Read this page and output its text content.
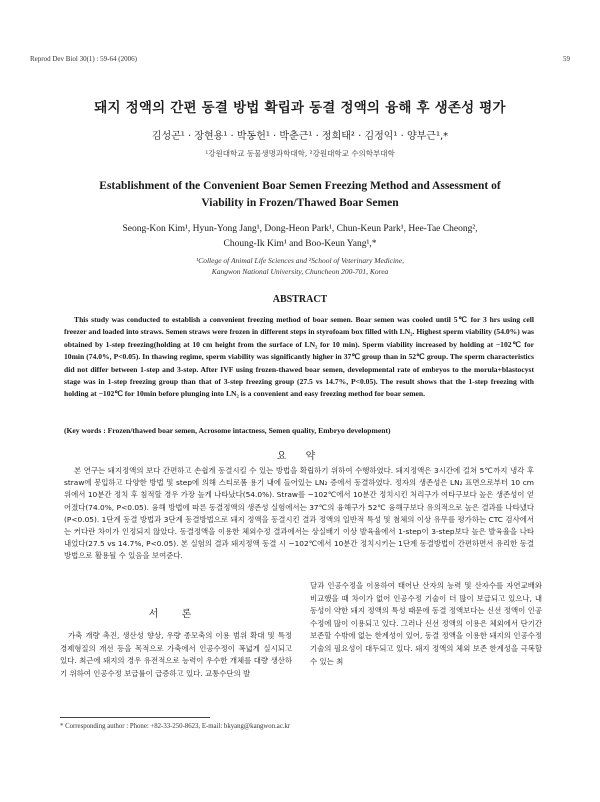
Reprod Dev Biol 30(1) : 59-64 (2006)	59
돼지 정액의 간편 동결 방법 확립과 동결 정액의 융해 후 생존성 평가
김성곤¹ · 장현용¹ · 박동헌¹ · 박춘근¹ · 정희태² · 김정익¹ · 양부근¹,*
¹강원대학교 동물생명과학대학, ²강원대학교 수의학부대학
Establishment of the Convenient Boar Semen Freezing Method and Assessment of
Viability in Frozen/Thawed Boar Semen
Seong-Kon Kim¹, Hyun-Yong Jang¹, Dong-Heon Park¹, Chun-Keun Park¹, Hee-Tae Cheong²,
Choung-Ik Kim¹ and Boo-Keun Yang¹,*
¹College of Animal Life Sciences and ²School of Veterinary Medicine,
Kangwon National University, Chuncheon 200-701, Korea
ABSTRACT
This study was conducted to establish a convenient freezing method of boar semen. Boar semen was cooled until 5℃ for 3 hrs using cell freezer and loaded into straws. Semen straws were frozen in different steps in styrofoam box filled with LN₂. Highest sperm viability (54.0%) was obtained by 1-step freezing(holding at 10 cm height from the surface of LN₂ for 10 min). Sperm viability increased by holding at −102℃ for 10min (74.0%, P<0.05). In thawing regime, sperm viability was significantly higher in 37℃ group than in 52℃ group. The sperm characteristics did not differ between 1-step and 3-step. After IVF using frozen-thawed boar semen, developmental rate of embryos to the morula+blastocyst stage was in 1-step freezing group than that of 3-step freezing group (27.5 vs 14.7%, P<0.05). The result shows that the 1-step freezing with holding at −102℃ for 10min before plunging into LN₂ is a convenient and easy freezing method for boar semen.
(Key words : Frozen/thawed boar semen, Acrosome intactness, Semen quality, Embryo development)
요 약
본 연구는 돼지정액의 보다 간편하고 손쉽게 동결시킬 수 있는 방법을 확립하기 위하여 수행하였다. 돼지정액은 3시간에 걸쳐 5℃까지 냉각 후 straw에 봉입하고 다양한 방법 및 step에 의해 스티로폼 용기 내에 들어있는 LN₂ 증에서 동결하였다. 정자의 생존성은 LN₂ 표면으로부터 10 cm 위에서 10분간 정치 후 침적할 경우 가장 높게 나타났다(54.0%). Straw를 −102℃에서 10분간 정치시킨 처리구가 여타구보다 높은 생존성이 얻어졌다(74.0%, P<0.05). 융해 방법에 따른 동결정액의 생존성 실험에서는 37℃의 융해구가 52℃ 융해구보다 유의적으로 높은 결과를 나타냈다(P<0.05). 1단계 동결 방법과 3단계 동결방법으로 돼지 정액을 동결시킨 결과 정액의 일반적 특성 및 첨체의 이상 유무를 평가하는 CTC 검사에서는 커다란 차이가 인정되지 않았다. 동결정액을 이용한 체외수정 결과에서는 상실배기 이상 발육율에서 1-step이 3-step보다 높은 발육율을 나타내었다(27.5 vs 14.7%, P<0.05). 본 실험의 결과 돼지정액 동결 시 −102℃에서 10분간 정치시키는 1단계 동결방법이 간편하면서 유리한 동결 방법으로 활용될 수 있음을 보여준다.
서 론
가축 개량 촉진, 생산성 향상, 우량 종모축의 이용 범위 확대 및 특정 경제형질의 개선 등을 목적으로 가축에서 인공수정이 폭넓게 실시되고 있다. 최근에 돼지의 경우 유전적으로 능력이 우수한 개체를 대량 생산하기 위하여 인공수정 보급률이 급증하고 있다. 교통수단의 발
달과 인공수정을 이용하여 태어난 산자의 능력 및 산자수를 자연교배와 비교했을 때 차이가 없어 인공수정 기술이 더 많이 보급되고 있으나, 내동성이 약한 돼지 정액의 특성 때문에 동결 정액보다는 신선 정액이 인공수정에 많이 이용되고 있다. 그러나 신선 정액의 이용은 체외에서 단기간 보존할 수밖에 없는 한계성이 있어, 동결 정액을 이용한 돼지의 인공수정 기술의 필요성이 대두되고 있다. 돼지 정액의 체외 보존 한계성을 극복할 수 있는 최
* Corresponding author : Phone: +82-33-250-8623, E-mail: bkyang@kangwon.ac.kr
